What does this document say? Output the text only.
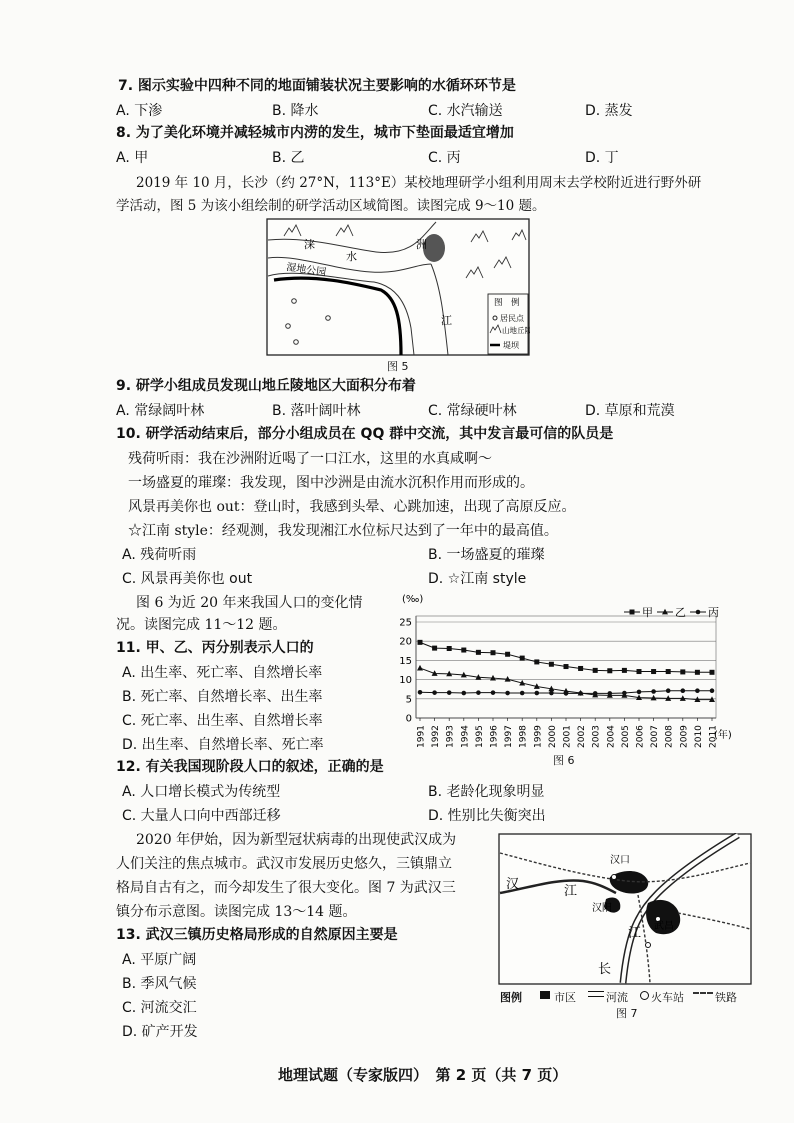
7. 图示实验中四种不同的地面铺装状况主要影响的水循环环节是
A. 下渗	B. 降水	C. 水汽输送	D. 蒸发
8. 为了美化环境并减轻城市内涝的发生，城市下垫面最适宜增加
A. 甲	B. 乙	C. 丙	D. 丁
2019 年 10 月，长沙（约 27°N，113°E）某校地理研学小组利用周末去学校附近进行野外研
学活动，图 5 为该小组绘制的研学活动区域简图。读图完成 9～10 题。
涞
水
湿地公园
洲
江
图　例
居民点
山地丘陵
堤坝
图 5
9. 研学小组成员发现山地丘陵地区大面积分布着
A. 常绿阔叶林	B. 落叶阔叶林	C. 常绿硬叶林	D. 草原和荒漠
10. 研学活动结束后，部分小组成员在 QQ 群中交流，其中发言最可信的队员是
残荷听雨：我在沙洲附近喝了一口江水，这里的水真咸啊～
一场盛夏的璀璨：我发现，图中沙洲是由流水沉积作用而形成的。
风景再美你也 out：登山时，我感到头晕、心跳加速，出现了高原反应。
☆江南 style：经观测，我发现湘江水位标尺达到了一年中的最高值。
A. 残荷听雨	B. 一场盛夏的璀璨
C. 风景再美你也 out	D. ☆江南 style
图 6 为近 20 年来我国人口的变化情
况。读图完成 11～12 题。
11. 甲、乙、丙分别表示人口的
A. 出生率、死亡率、自然增长率
B. 死亡率、自然增长率、出生率
C. 死亡率、出生率、自然增长率
D. 出生率、自然增长率、死亡率
(‰)
(年)
0
5
10
15
20
25
1991 1992 1993 1994 1995 1996 1997 1998 1999 2000 2001 2002 2003 2004 2005 2006 2007 2008 2009 2010 2011
甲 乙 丙
图 6
12. 有关我国现阶段人口的叙述，正确的是
A. 人口增长模式为传统型	B. 老龄化现象明显
C. 大量人口向中西部迁移	D. 性别比失衡突出
2020 年伊始，因为新型冠状病毒的出现使武汉成为
人们关注的焦点城市。武汉市发展历史悠久，三镇鼎立
格局自古有之，而今却发生了很大变化。图 7 为武汉三
镇分布示意图。读图完成 13～14 题。
13. 武汉三镇历史格局形成的自然原因主要是
A. 平原广阔
B. 季风气候
C. 河流交汇
D. 矿产开发
汉口
汉	江
汉阳
武昌
江
长
图例	市区	河流 火车站	铁路
图 7
地理试题（专家版四）　第 2 页（共 7 页）
